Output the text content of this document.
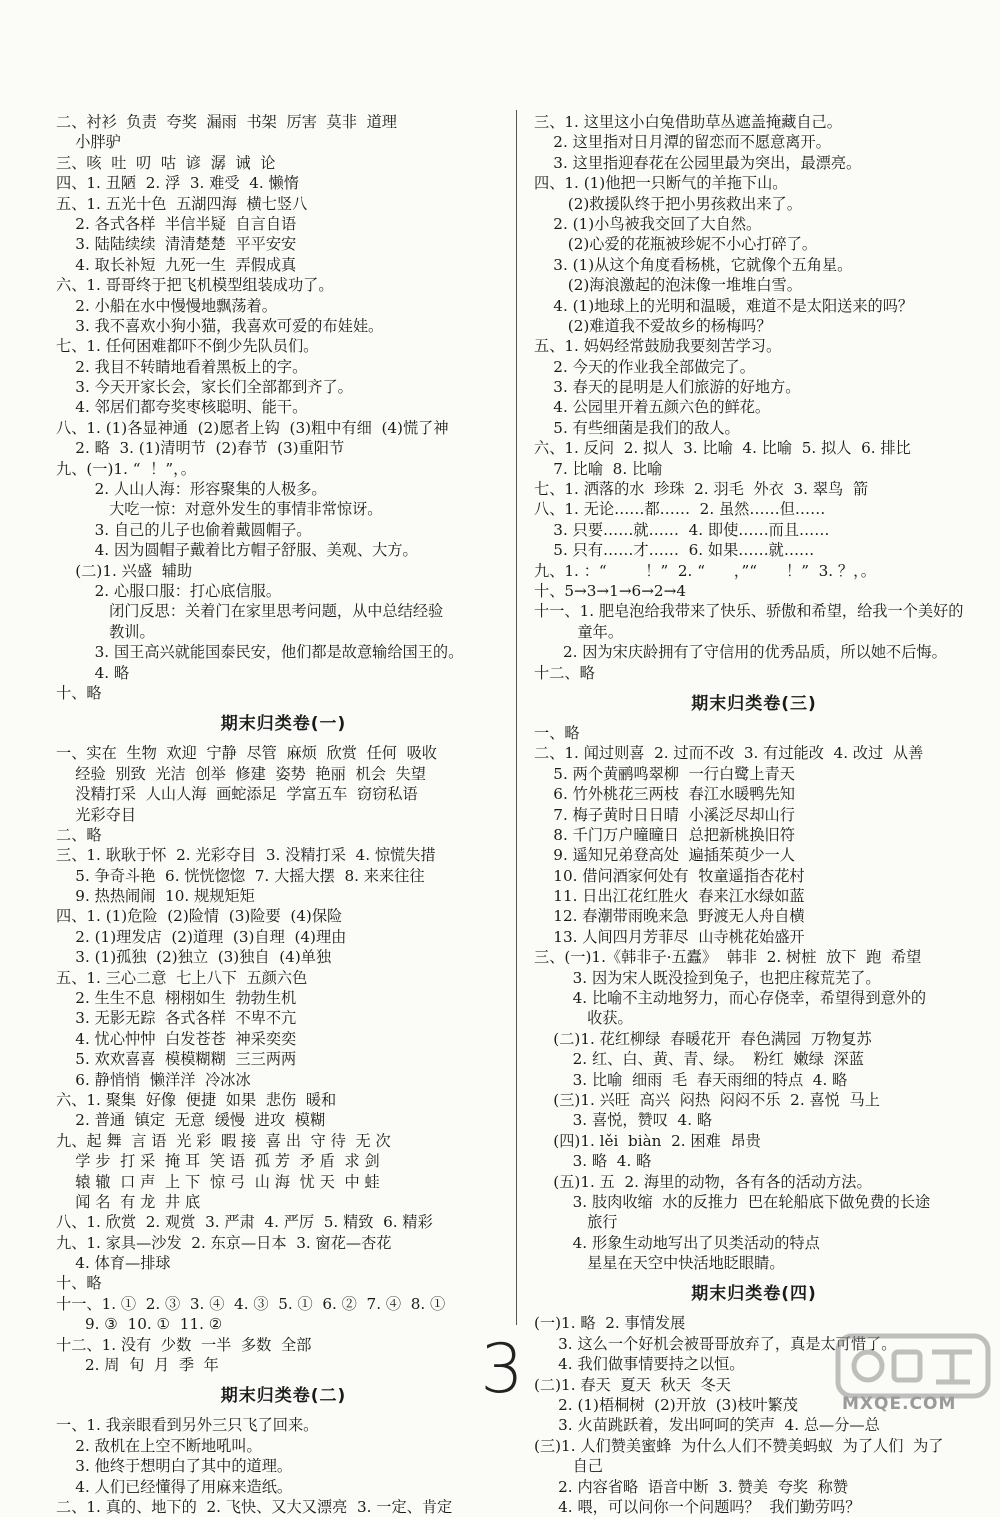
二、衬衫  负责  夸奖  漏雨  书架  厉害  莫非  道理
小胖驴
三、咳  吐  叨  咕  谚  潺  诫  论
四、1. 丑陋  2. 浮  3. 难受  4. 懒惰
五、1. 五光十色  五湖四海  横七竖八
2. 各式各样  半信半疑  自言自语
3. 陆陆续续  清清楚楚  平平安安
4. 取长补短  九死一生  弄假成真
六、1. 哥哥终于把飞机模型组装成功了。
2. 小船在水中慢慢地飘荡着。
3. 我不喜欢小狗小猫，我喜欢可爱的布娃娃。
七、1. 任何困难都吓不倒少先队员们。
2. 我目不转睛地看着黑板上的字。
3. 今天开家长会，家长们全部都到齐了。
4. 邻居们都夸奖枣核聪明、能干。
八、1. (1)各显神通  (2)愿者上钩  (3)粗中有细  (4)慌了神
2. 略  3. (1)清明节  (2)春节  (3)重阳节
九、(一)1. “  ！”，。
2. 人山人海：形容聚集的人极多。
大吃一惊：对意外发生的事情非常惊讶。
3. 自己的儿子也偷着戴圆帽子。
4. 因为圆帽子戴着比方帽子舒服、美观、大方。
(二)1. 兴盛  辅助
2. 心服口服：打心底信服。
闭门反思：关着门在家里思考问题，从中总结经验
教训。
3. 国王高兴就能国泰民安，他们都是故意输给国王的。
4. 略
十、略
期末归类卷(一)
一、实在  生物  欢迎  宁静  尽管  麻烦  欣赏  任何  吸收
经验  别致  光洁  创举  修建  姿势  艳丽  机会  失望
没精打采  人山人海  画蛇添足  学富五车  窃窃私语
光彩夺目
二、略
三、1. 耿耿于怀  2. 光彩夺目  3. 没精打采  4. 惊慌失措
5. 争奇斗艳  6. 恍恍惚惚  7. 大摇大摆  8. 来来往往
9. 热热闹闹  10. 规规矩矩
四、1. (1)危险  (2)险情  (3)险要  (4)保险
2. (1)理发店  (2)道理  (3)自理  (4)理由
3. (1)孤独  (2)独立  (3)独自  (4)单独
五、1. 三心二意  七上八下  五颜六色
2. 生生不息  栩栩如生  勃勃生机
3. 无影无踪  各式各样  不卑不亢
4. 忧心忡忡  白发苍苍  神采奕奕
5. 欢欢喜喜  模模糊糊  三三两两
6. 静悄悄  懒洋洋  冷冰冰
六、1. 聚集  好像  便捷  如果  悲伤  暖和
2. 普通  镇定  无意  缓慢  进攻  模糊
九、起 舞  言 语  光 彩  暇 接  喜 出  守 待  无 次
学 步  打 采  掩 耳  笑 语  孤 芳  矛 盾  求 剑
辕 辙  口 声  上 下  惊 弓  山 海  忧 天  中 蛙
闻 名  有 龙  井 底
八、1. 欣赏  2. 观赏  3. 严肃  4. 严厉  5. 精致  6. 精彩
九、1. 家具—沙发  2. 东京—日本  3. 窗花—杏花
4. 体育—排球
十、略
十一、1. ①  2. ③  3. ④  4. ③  5. ①  6. ②  7. ④  8. ①
9. ③  10. ①  11. ②
十二、1. 没有  少数  一半  多数  全部
2. 周  旬  月  季  年
期末归类卷(二)
一、1. 我亲眼看到另外三只飞了回来。
2. 敌机在上空不断地吼叫。
3. 他终于想明白了其中的道理。
4. 人们已经懂得了用麻来造纸。
二、1. 真的、地下的  2. 飞快、又大又漂亮  3. 一定、肯定
三、1. 这里这小白兔借助草丛遮盖掩藏自己。
2. 这里指对日月潭的留恋而不愿意离开。
3. 这里指迎春花在公园里最为突出，最漂亮。
四、1. (1)他把一只断气的羊拖下山。
(2)救援队终于把小男孩救出来了。
2. (1)小鸟被我交回了大自然。
(2)心爱的花瓶被珍妮不小心打碎了。
3. (1)从这个角度看杨桃，它就像个五角星。
(2)海浪激起的泡沫像一堆堆白雪。
4. (1)地球上的光明和温暖，难道不是太阳送来的吗？
(2)难道我不爱故乡的杨梅吗？
五、1. 妈妈经常鼓励我要刻苦学习。
2. 今天的作业我全部做完了。
3. 春天的昆明是人们旅游的好地方。
4. 公园里开着五颜六色的鲜花。
5. 有些细菌是我们的敌人。
六、1. 反问  2. 拟人  3. 比喻  4. 比喻  5. 拟人  6. 排比
7. 比喻  8. 比喻
七、1. 洒落的水  珍珠  2. 羽毛  外衣  3. 翠鸟  箭
八、1. 无论……都……  2. 虽然……但……
3. 只要……就……  4. 即使……而且……
5. 只有……才……  6. 如果……就……
九、1. ：“        ！”  2. “      ，”“      ！”  3. ？，。
十、5→3→1→6→2→4
十一、1. 肥皂泡给我带来了快乐、骄傲和希望，给我一个美好的
童年。
2. 因为宋庆龄拥有了守信用的优秀品质，所以她不后悔。
十二、略
期末归类卷(三)
一、略
二、1. 闻过则喜  2. 过而不改  3. 有过能改  4. 改过  从善
5. 两个黄鹂鸣翠柳  一行白鹭上青天
6. 竹外桃花三两枝  春江水暖鸭先知
7. 梅子黄时日日晴  小溪泛尽却山行
8. 千门万户曈曈日  总把新桃换旧符
9. 遥知兄弟登高处  遍插茱萸少一人
10. 借问酒家何处有  牧童遥指杏花村
11. 日出江花红胜火  春来江水绿如蓝
12. 春潮带雨晚来急  野渡无人舟自横
13. 人间四月芳菲尽  山寺桃花始盛开
三、(一)1.《韩非子·五蠹》  韩非  2. 树桩  放下  跑  希望
3. 因为宋人既没捡到兔子，也把庄稼荒芜了。
4. 比喻不主动地努力，而心存侥幸，希望得到意外的
收获。
(二)1. 花红柳绿  春暖花开  春色满园  万物复苏
2. 红、白、黄、青、绿。  粉红  嫩绿  深蓝
3. 比喻  细雨  毛  春天雨细的特点  4. 略
(三)1. 兴旺  高兴  闷热  闷闷不乐  2. 喜悦  马上
3. 喜悦，赞叹  4. 略
(四)1. lěi  biàn  2. 困难  昂贵
3. 略  4. 略
(五)1. 五  2. 海里的动物，各有各的活动方法。
3. 肢肉收缩  水的反推力  巴在轮船底下做免费的长途
旅行
4. 形象生动地写出了贝类活动的特点
星星在天空中快活地眨眼睛。
期末归类卷(四)
(一)1. 略  2. 事情发展
3. 这么一个好机会被哥哥放弃了，真是太可惜了。
4. 我们做事情要持之以恒。
(二)1. 春天  夏天  秋天  冬天
2. (1)梧桐树  (2)开放  (3)枝叶繁茂
3. 火苗跳跃着，发出呵呵的笑声  4. 总—分—总
(三)1. 人们赞美蜜蜂  为什么人们不赞美蚂蚁  为了人们  为了
自己
2. 内容省略  语音中断  3. 赞美  夸奖  称赞
4. 喂，可以问你一个问题吗？  我们勤劳吗？
3	MXQE.COM
